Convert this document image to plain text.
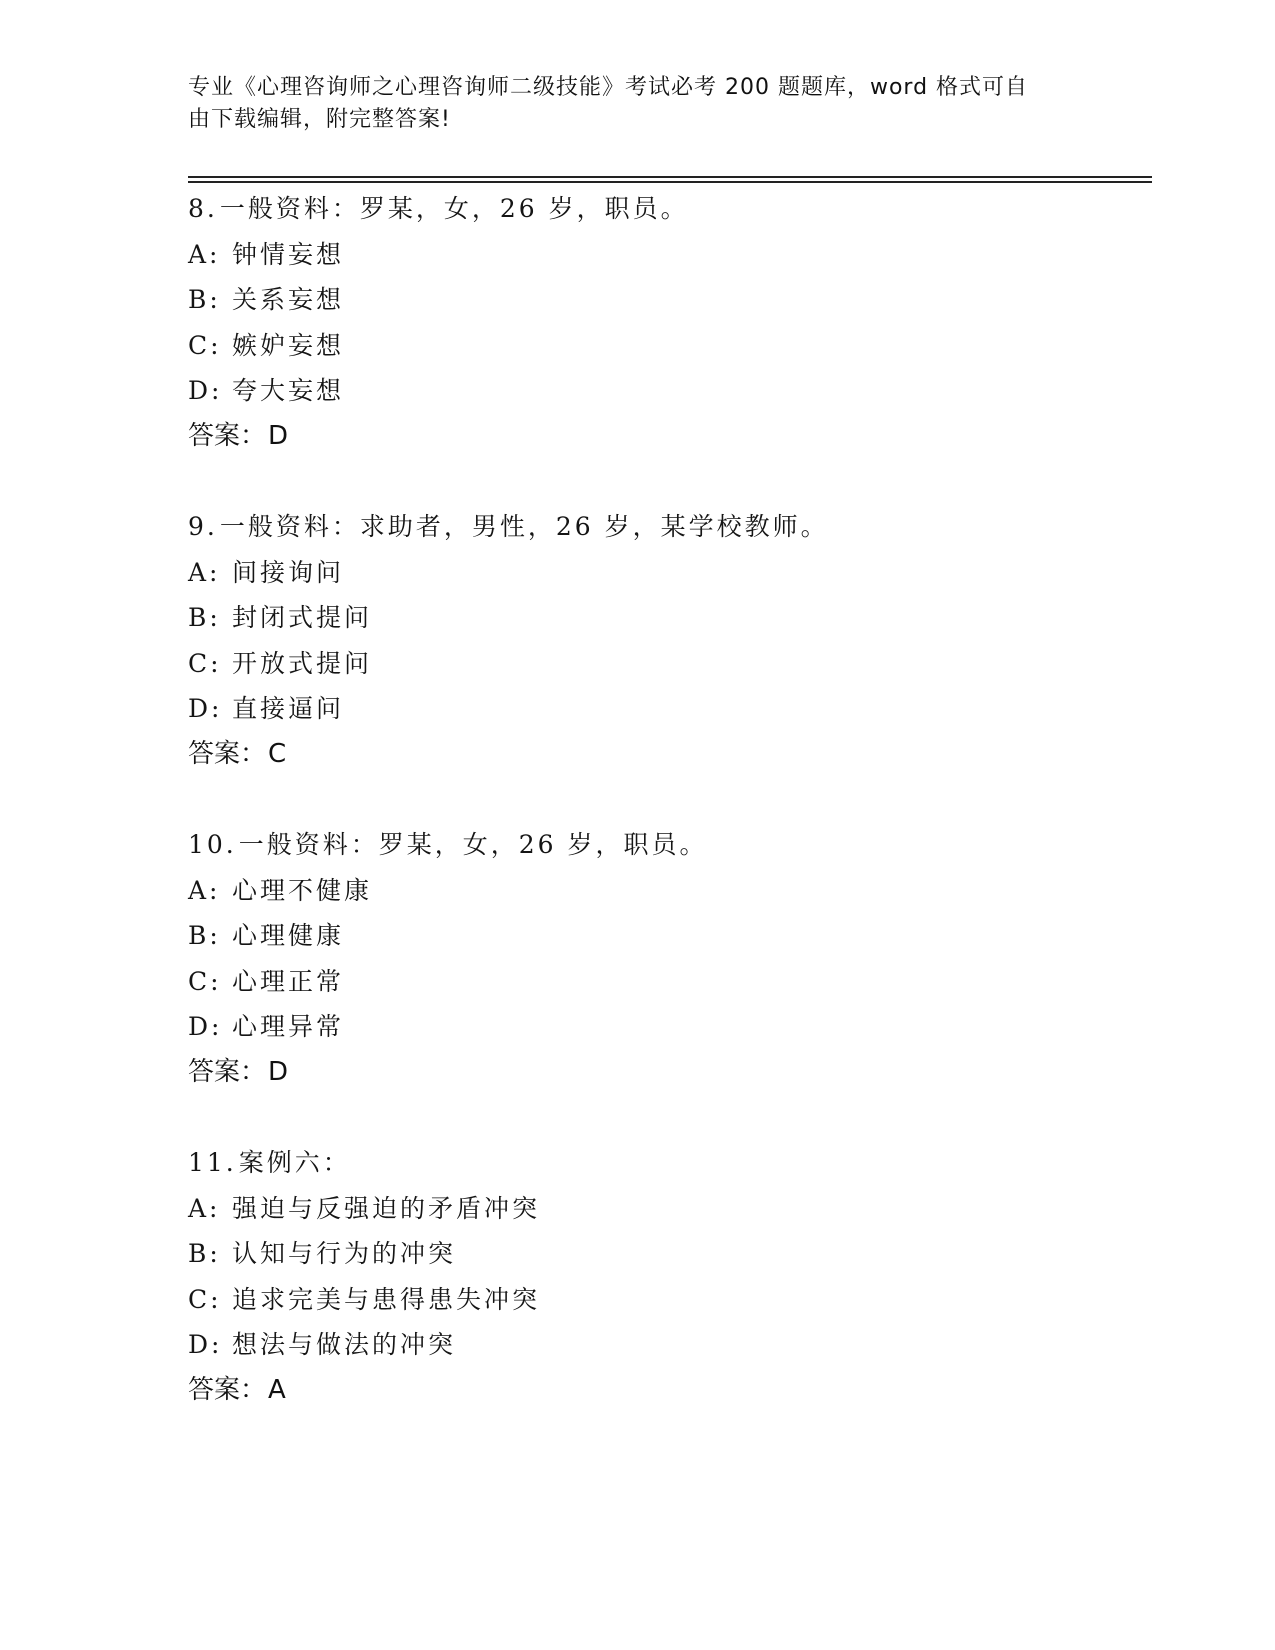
专业《心理咨询师之心理咨询师二级技能》考试必考 200 题题库，word 格式可自
由下载编辑，附完整答案!
8.一般资料：罗某，女，26 岁，职员。
A: 钟情妄想
B: 关系妄想
C: 嫉妒妄想
D: 夸大妄想
答案：D
9.一般资料：求助者，男性，26 岁，某学校教师。
A: 间接询问
B: 封闭式提问
C: 开放式提问
D: 直接逼问
答案：C
10.一般资料：罗某，女，26 岁，职员。
A: 心理不健康
B: 心理健康
C: 心理正常
D: 心理异常
答案：D
11.案例六：
A: 强迫与反强迫的矛盾冲突
B: 认知与行为的冲突
C: 追求完美与患得患失冲突
D: 想法与做法的冲突
答案：A
